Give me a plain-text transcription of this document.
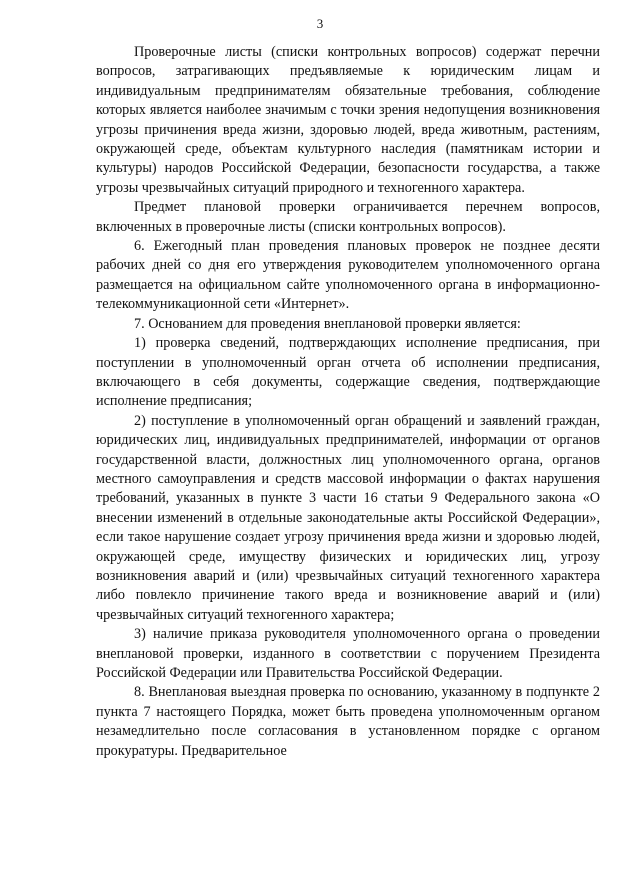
3

Проверочные листы (списки контрольных вопросов) содержат перечни вопросов, затрагивающих предъявляемые к юридическим лицам и индивидуальным предпринимателям обязательные требования, соблюдение которых является наиболее значимым с точки зрения недопущения возникновения угрозы причинения вреда жизни, здоровью людей, вреда животным, растениям, окружающей среде, объектам культурного наследия (памятникам истории и культуры) народов Российской Федерации, безопасности государства, а также угрозы чрезвычайных ситуаций природного и техногенного характера.

Предмет плановой проверки ограничивается перечнем вопросов, включенных в проверочные листы (списки контрольных вопросов).

6. Ежегодный план проведения плановых проверок не позднее десяти рабочих дней со дня его утверждения руководителем уполномоченного органа размещается на официальном сайте уполномоченного органа в информационно-телекоммуникационной сети «Интернет».

7. Основанием для проведения внеплановой проверки является:

1) проверка сведений, подтверждающих исполнение предписания, при поступлении в уполномоченный орган отчета об исполнении предписания, включающего в себя документы, содержащие сведения, подтверждающие исполнение предписания;

2) поступление в уполномоченный орган обращений и заявлений граждан, юридических лиц, индивидуальных предпринимателей, информации от органов государственной власти, должностных лиц уполномоченного органа, органов местного самоуправления и средств массовой информации о фактах нарушения требований, указанных в пункте 3 части 16 статьи 9 Федерального закона «О внесении изменений в отдельные законодательные акты Российской Федерации», если такое нарушение создает угрозу причинения вреда жизни и здоровью людей, окружающей среде, имуществу физических и юридических лиц, угрозу возникновения аварий и (или) чрезвычайных ситуаций техногенного характера либо повлекло причинение такого вреда и возникновение аварий и (или) чрезвычайных ситуаций техногенного характера;

3) наличие приказа руководителя уполномоченного органа о проведении внеплановой проверки, изданного в соответствии с поручением Президента Российской Федерации или Правительства Российской Федерации.

8. Внеплановая выездная проверка по основанию, указанному в подпункте 2 пункта 7 настоящего Порядка, может быть проведена уполномоченным органом незамедлительно после согласования в установленном порядке с органом прокуратуры. Предварительное
